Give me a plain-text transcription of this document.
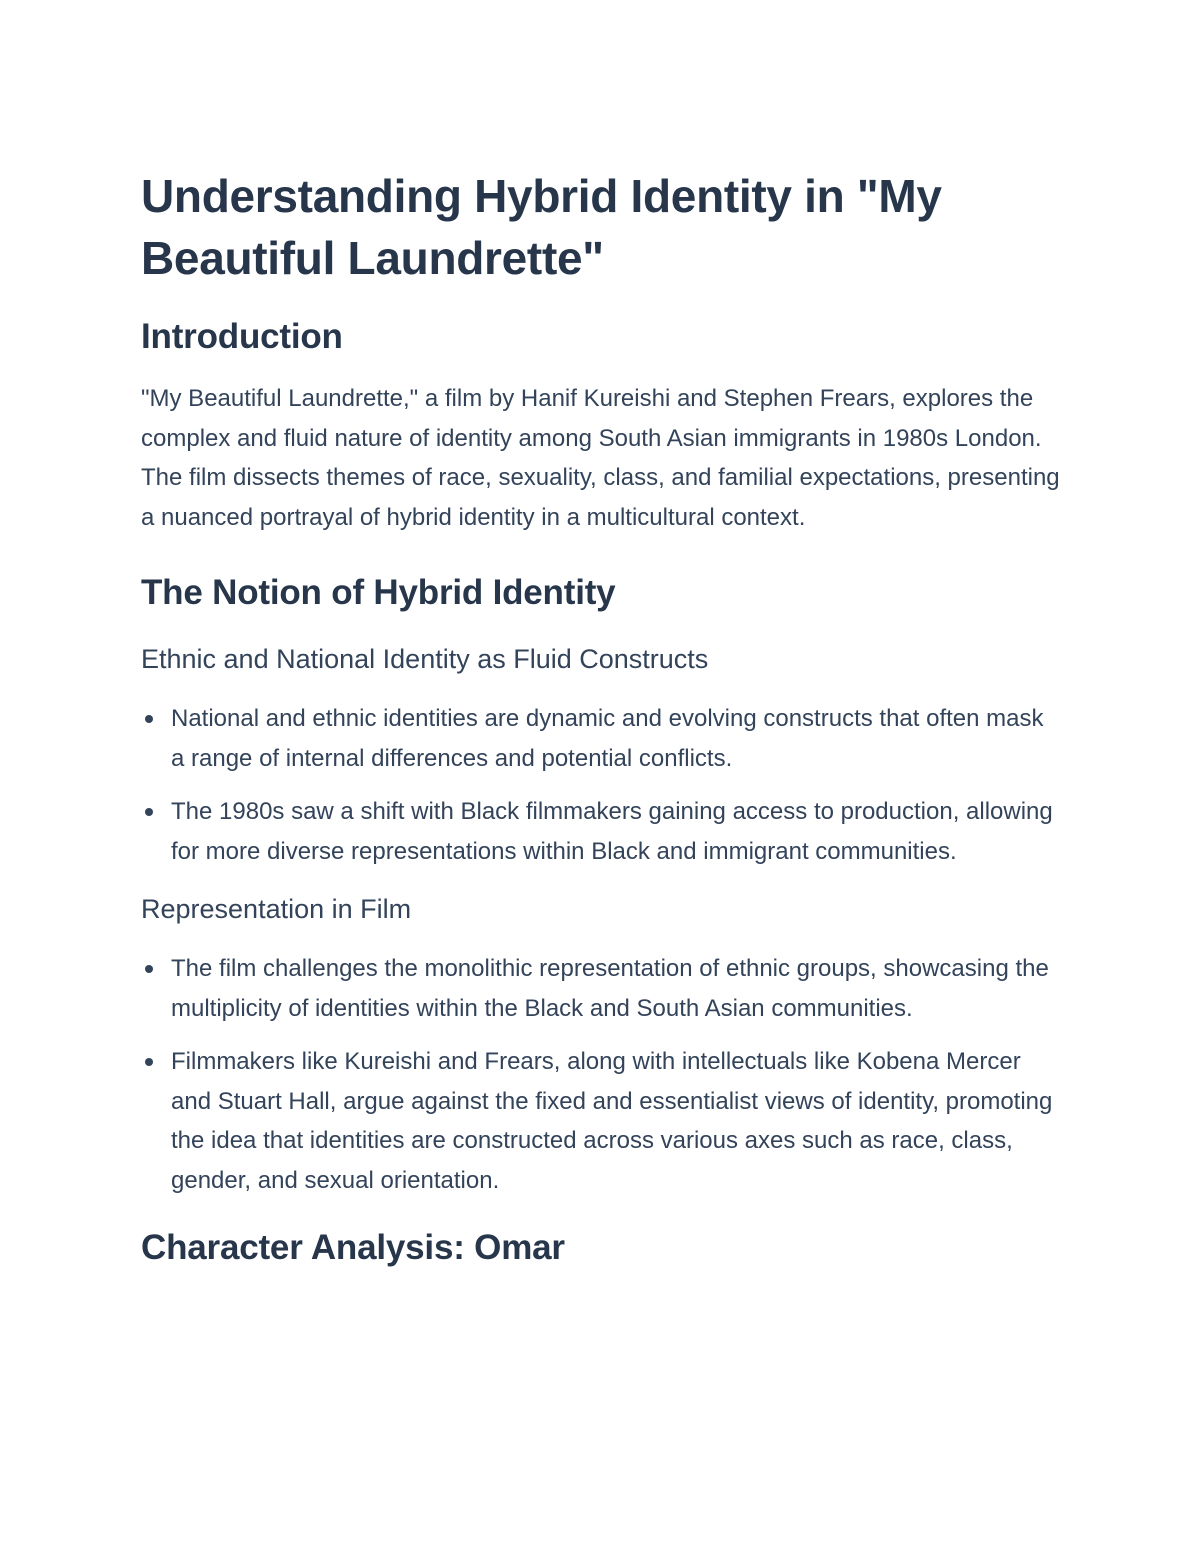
Understanding Hybrid Identity in "My Beautiful Laundrette"
Introduction

"My Beautiful Laundrette," a film by Hanif Kureishi and Stephen Frears, explores the complex and fluid nature of identity among South Asian immigrants in 1980s London. The film dissects themes of race, sexuality, class, and familial expectations, presenting a nuanced portrayal of hybrid identity in a multicultural context.

The Notion of Hybrid Identity
Ethnic and National Identity as Fluid Constructs
National and ethnic identities are dynamic and evolving constructs that often mask a range of internal differences and potential conflicts.
The 1980s saw a shift with Black filmmakers gaining access to production, allowing for more diverse representations within Black and immigrant communities.
Representation in Film
The film challenges the monolithic representation of ethnic groups, showcasing the multiplicity of identities within the Black and South Asian communities.
Filmmakers like Kureishi and Frears, along with intellectuals like Kobena Mercer and Stuart Hall, argue against the fixed and essentialist views of identity, promoting the idea that identities are constructed across various axes such as race, class, gender, and sexual orientation.
Character Analysis: Omar
